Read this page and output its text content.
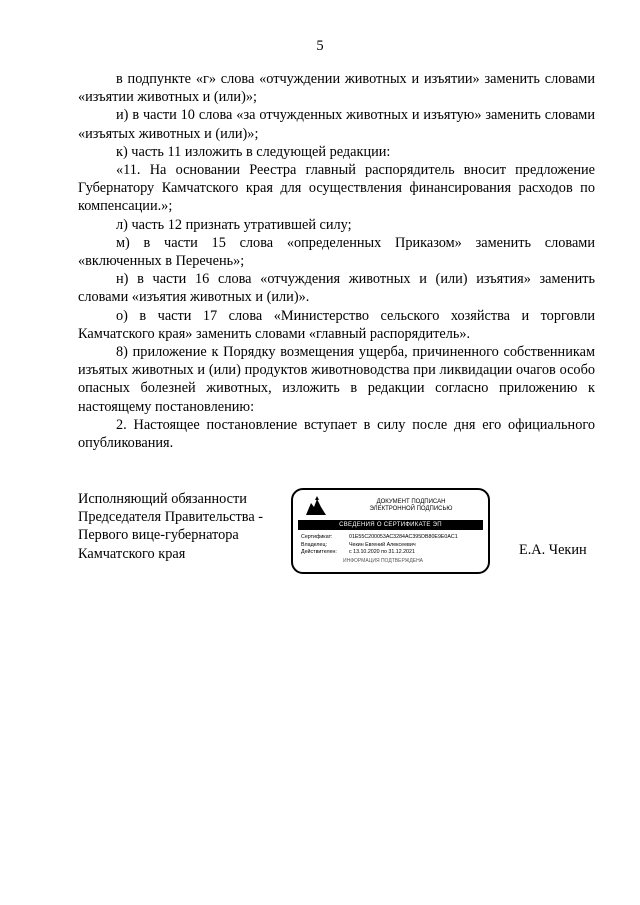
5

в подпункте «г» слова «отчуждении животных и изъятии» заменить словами «изъятии животных и (или)»;

и) в части 10 слова «за отчужденных животных и изъятую» заменить словами «изъятых животных и (или)»;

к) часть 11 изложить в следующей редакции:

«11. На основании Реестра главный распорядитель вносит предложение Губернатору Камчатского края для осуществления финансирования расходов по компенсации.»;

л) часть 12 признать утратившей силу;

м) в части 15 слова «определенных Приказом» заменить словами «включенных в Перечень»;

н) в части 16 слова «отчуждения животных и (или) изъятия» заменить словами «изъятия животных и (или)».

о) в части 17 слова «Министерство сельского хозяйства и торговли Камчатского края» заменить словами «главный распорядитель».

8) приложение к Порядку возмещения ущерба, причиненного собственникам изъятых животных и (или) продуктов животноводства при ликвидации очагов особо опасных болезней животных, изложить в редакции согласно приложению к настоящему постановлению:

2. Настоящее постановление вступает в силу после дня его официального опубликования.

Исполняющий обязанности
Председателя Правительства -
Первого вице-губернатора
Камчатского края
ДОКУМЕНТ ПОДПИСАН
ЭЛЕКТРОННОЙ ПОДПИСЬЮ
СВЕДЕНИЯ О СЕРТИФИКАТЕ ЭП
Сертификат:	01E55C200053AC3284AC395DB80E9E0AC1
Владелец:	Чекин Евгений Алексеевич
Действителен:	с 13.10.2020 по 31.12.2021
ИНФОРМАЦИЯ ПОДТВЕРЖДЕНА
Е.А. Чекин
